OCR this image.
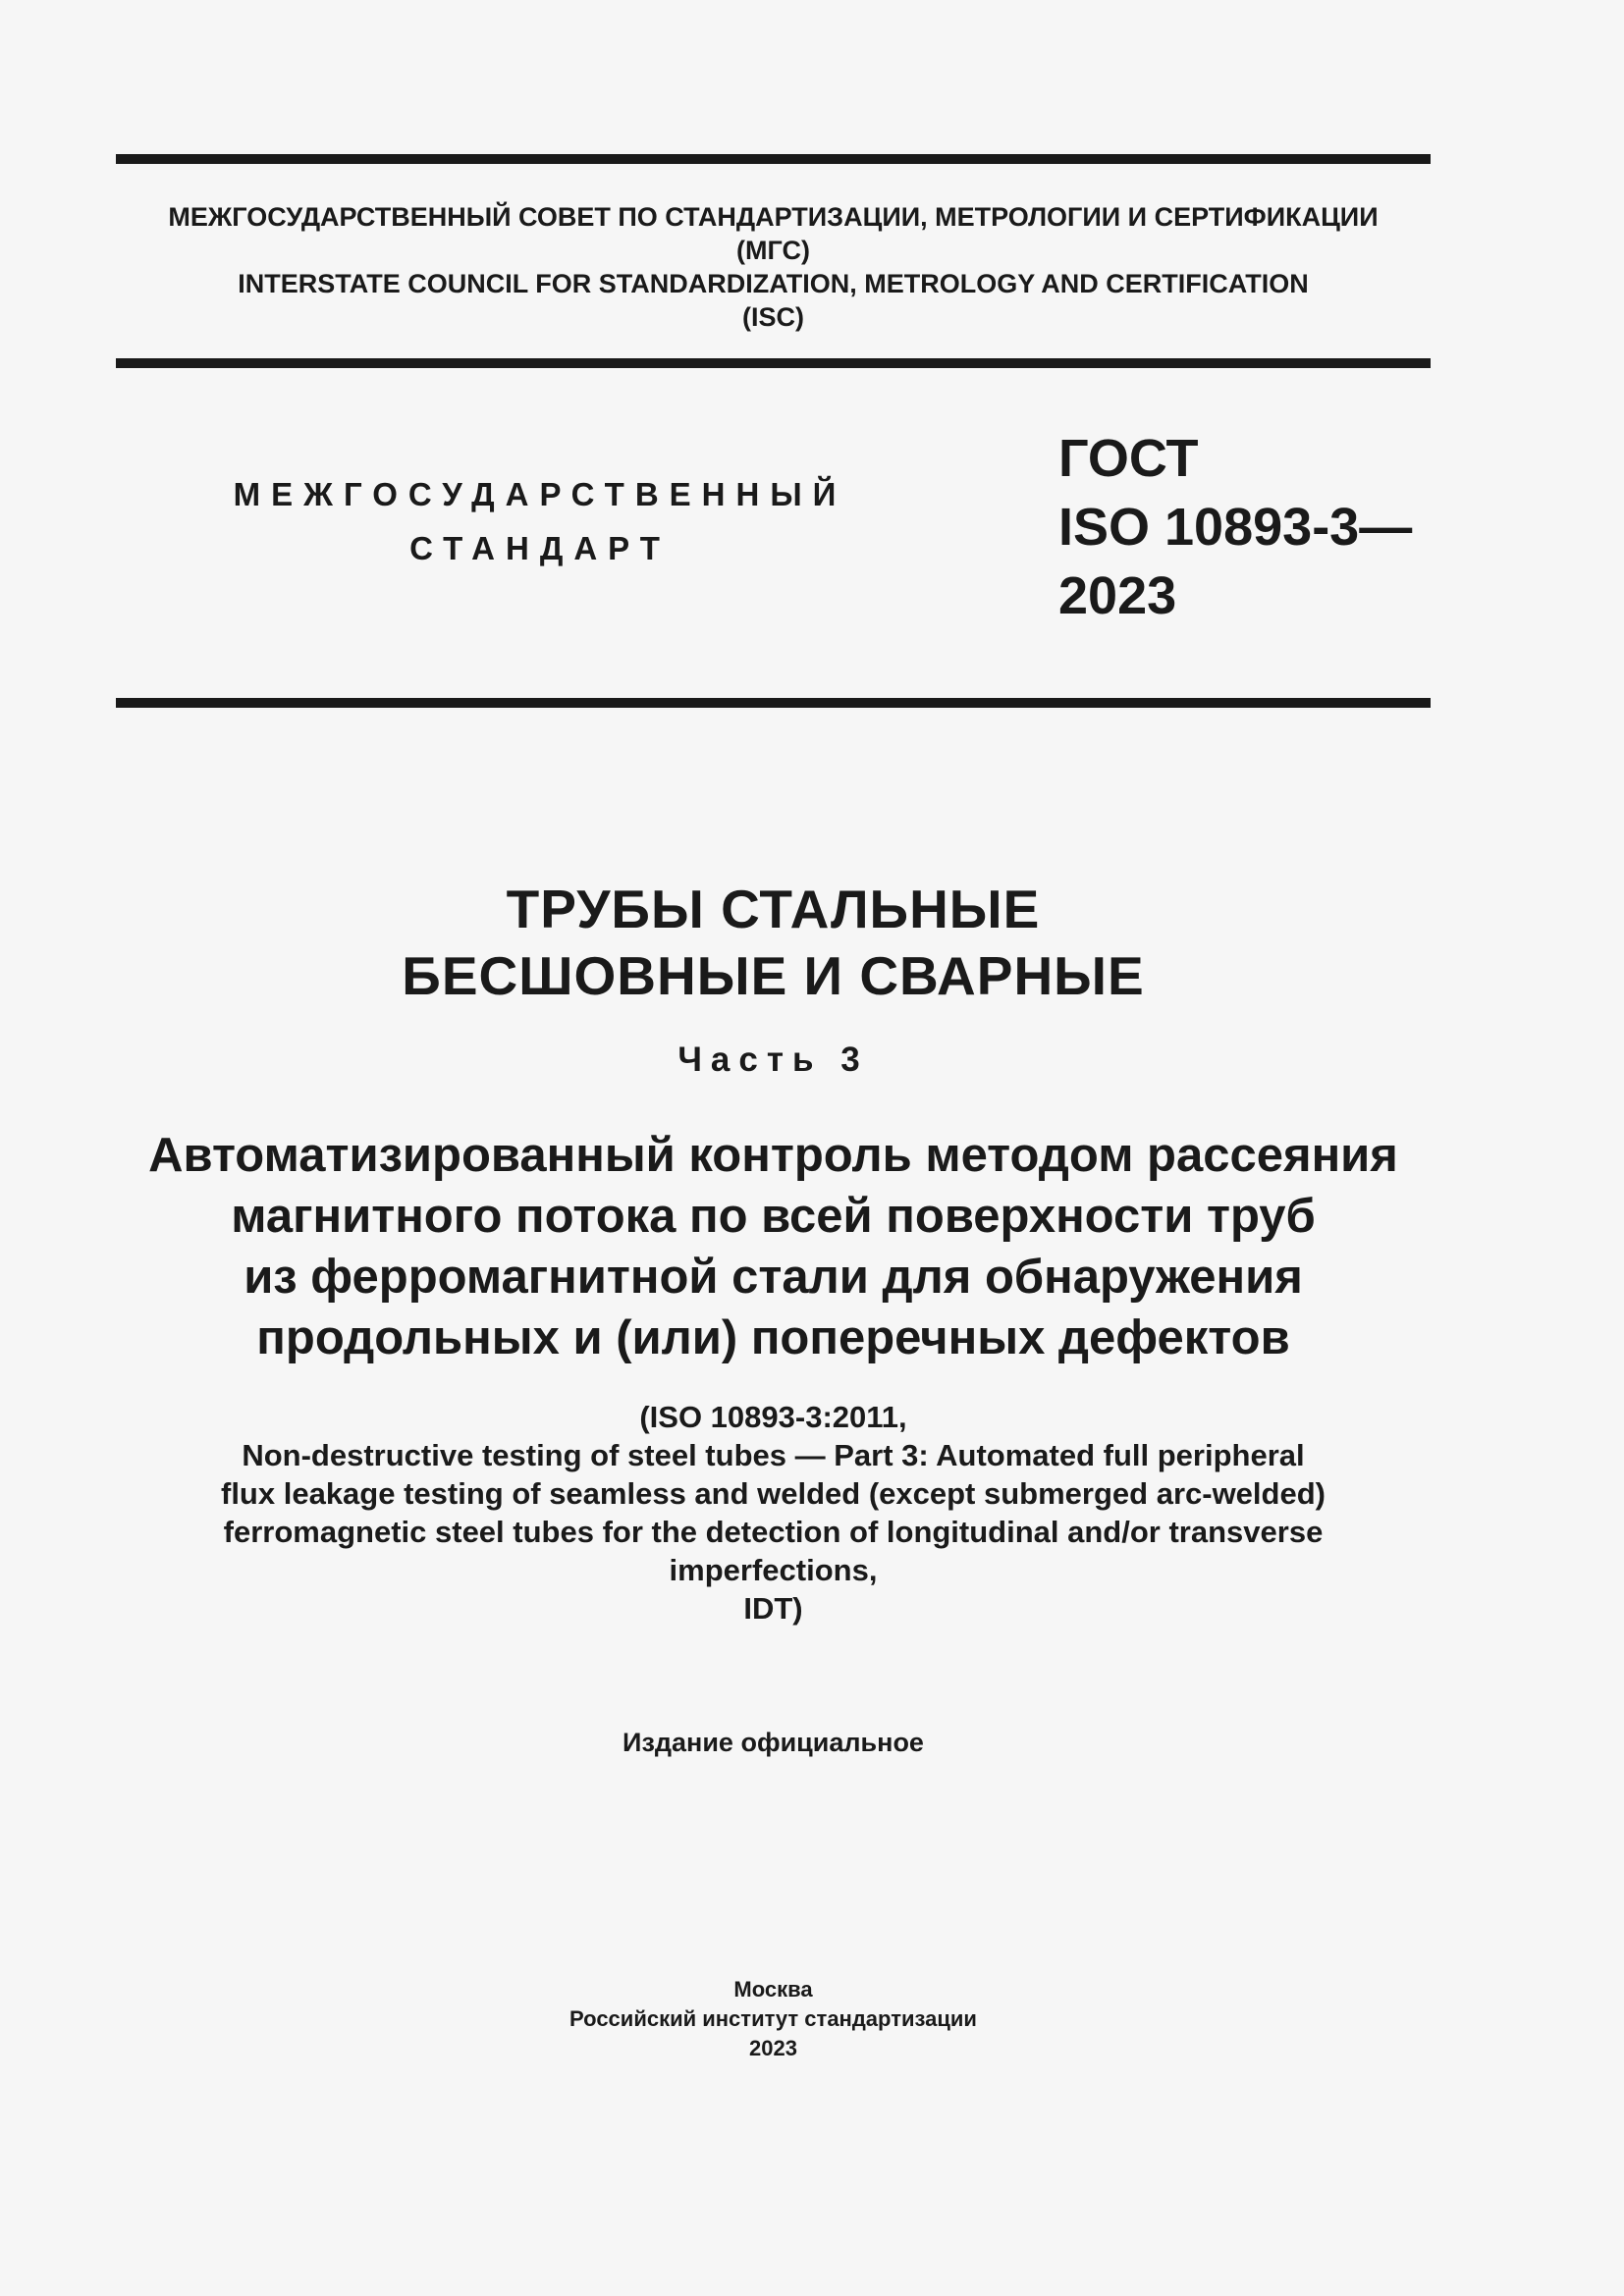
МЕЖГОСУДАРСТВЕННЫЙ СОВЕТ ПО СТАНДАРТИЗАЦИИ, МЕТРОЛОГИИ И СЕРТИФИКАЦИИ
(МГС)
INTERSTATE COUNCIL FOR STANDARDIZATION, METROLOGY AND CERTIFICATION
(ISC)
МЕЖГОСУДАРСТВЕННЫЙ
СТАНДАРТ
ГОСТ
ISO 10893-3—
2023
ТРУБЫ СТАЛЬНЫЕ
БЕСШОВНЫЕ И СВАРНЫЕ
Часть 3
Автоматизированный контроль методом рассеяния
магнитного потока по всей поверхности труб
из ферромагнитной стали для обнаружения
продольных и (или) поперечных дефектов
(ISO 10893-3:2011,
Non-destructive testing of steel tubes — Part 3: Automated full peripheral
flux leakage testing of seamless and welded (except submerged arc-welded)
ferromagnetic steel tubes for the detection of longitudinal and/or transverse
imperfections,
IDT)
Издание официальное
Москва
Российский институт стандартизации
2023
